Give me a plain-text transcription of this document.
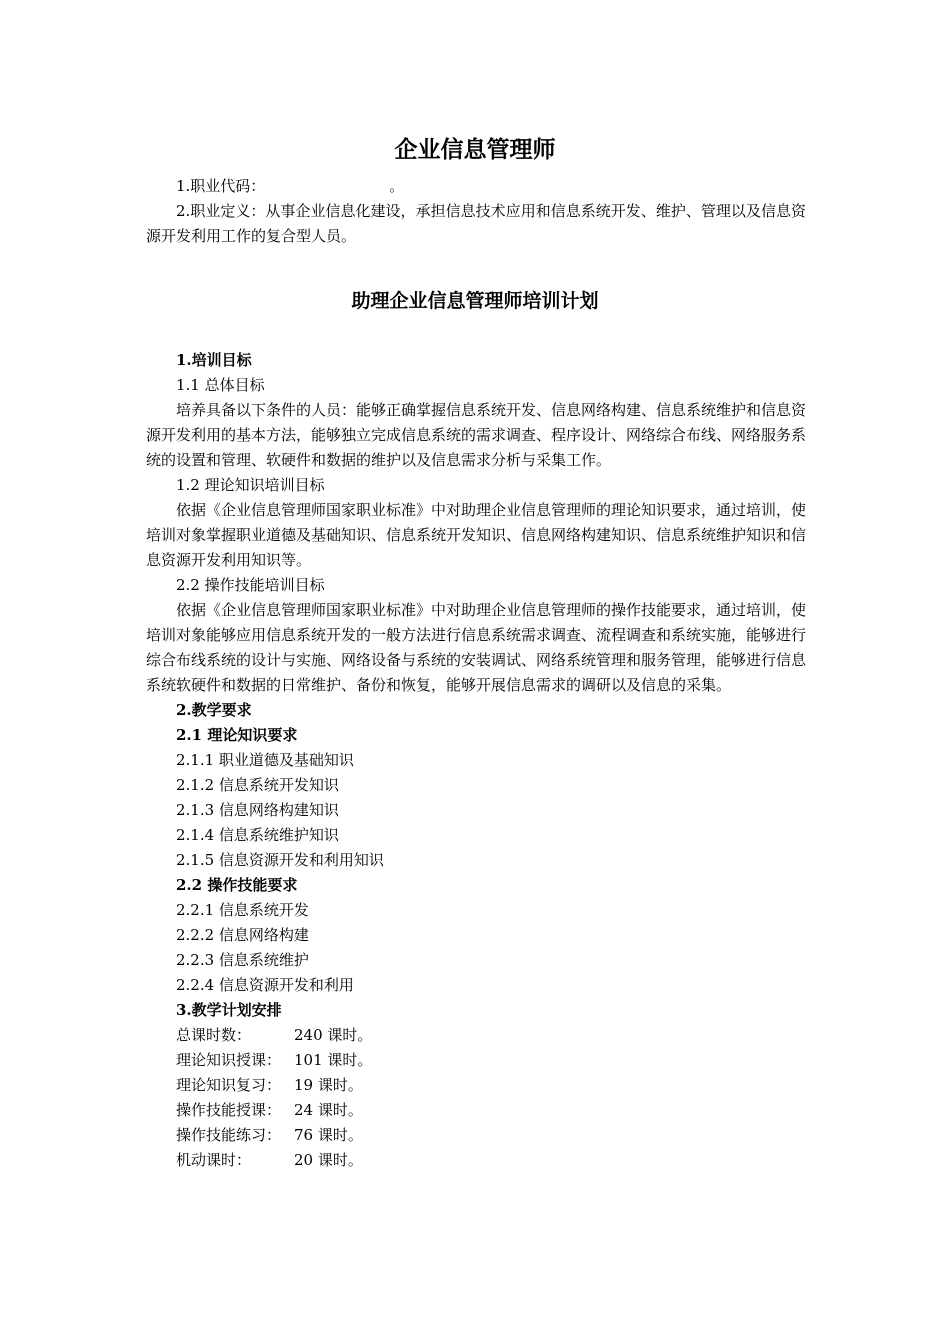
企业信息管理师

1.职业代码：                          。

2.职业定义：从事企业信息化建设，承担信息技术应用和信息系统开发、维护、管理以及信息资源开发利用工作的复合型人员。

助理企业信息管理师培训计划

1.培训目标

1.1 总体目标

培养具备以下条件的人员：能够正确掌握信息系统开发、信息网络构建、信息系统维护和信息资源开发利用的基本方法，能够独立完成信息系统的需求调查、程序设计、网络综合布线、网络服务系统的设置和管理、软硬件和数据的维护以及信息需求分析与采集工作。

1.2 理论知识培训目标

依据《企业信息管理师国家职业标准》中对助理企业信息管理师的理论知识要求，通过培训，使培训对象掌握职业道德及基础知识、信息系统开发知识、信息网络构建知识、信息系统维护知识和信息资源开发利用知识等。

2.2 操作技能培训目标

依据《企业信息管理师国家职业标准》中对助理企业信息管理师的操作技能要求，通过培训，使培训对象能够应用信息系统开发的一般方法进行信息系统需求调查、流程调查和系统实施，能够进行综合布线系统的设计与实施、网络设备与系统的安装调试、网络系统管理和服务管理，能够进行信息系统软硬件和数据的日常维护、备份和恢复，能够开展信息需求的调研以及信息的采集。

2.教学要求

2.1 理论知识要求

2.1.1 职业道德及基础知识

2.1.2 信息系统开发知识

2.1.3 信息网络构建知识

2.1.4 信息系统维护知识

2.1.5 信息资源开发和利用知识

2.2 操作技能要求

2.2.1 信息系统开发

2.2.2 信息网络构建

2.2.3 信息系统维护

2.2.4 信息资源开发和利用

3.教学计划安排

总课时数：	240 课时。
理论知识授课： 101 课时。
理论知识复习： 19 课时。
操作技能授课： 24 课时。
操作技能练习： 76 课时。
机动课时：	20 课时。
